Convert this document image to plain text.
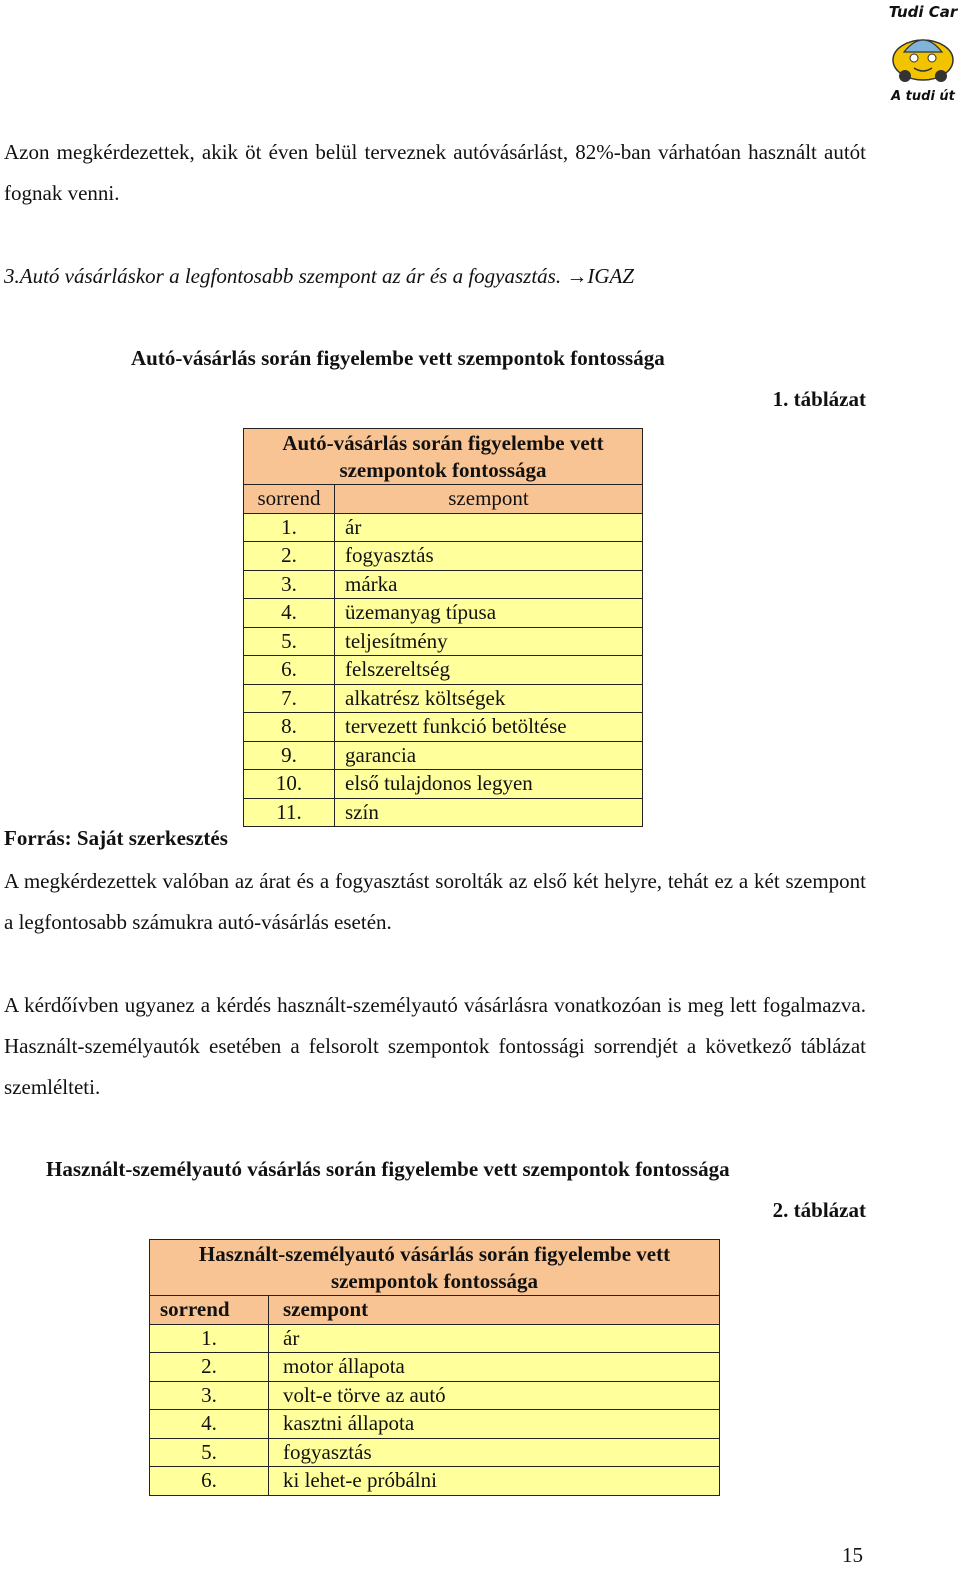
Tudi Car
A tudi út

Azon megkérdezettek, akik öt éven belül terveznek autóvásárlást, 82%-ban várhatóan használt autót fognak venni.

3.Autó vásárláskor a legfontosabb szempont az ár és a fogyasztás. →IGAZ
Autó-vásárlás során figyelembe vett szempontok fontossága
1. táblázat
Autó-vásárlás során figyelembe vett szempontok fontossága	
sorrend	szempont
1.	ár
2.	fogyasztás
3.	márka
4.	üzemanyag típusa
5.	teljesítmény
6.	felszereltség
7.	alkatrész költségek
8.	tervezett funkció betöltése
9.	garancia
10.	első tulajdonos legyen
11.	szín
Forrás: Saját szerkesztés

A megkérdezettek valóban az árat és a fogyasztást sorolták az első két helyre, tehát ez a két szempont a legfontosabb számukra autó-vásárlás esetén.

A kérdőívben ugyanez a kérdés használt-személyautó vásárlásra vonatkozóan is meg lett fogalmazva. Használt-személyautók esetében a felsorolt szempontok fontossági sorrendjét a következő táblázat szemlélteti.

Használt-személyautó vásárlás során figyelembe vett szempontok fontossága
2. táblázat
Használt-személyautó vásárlás során figyelembe vett szempontok fontossága	
sorrend	szempont
1.	ár
2.	motor állapota
3.	volt-e törve az autó
4.	kasztni állapota
5.	fogyasztás
6.	ki lehet-e próbálni
15
